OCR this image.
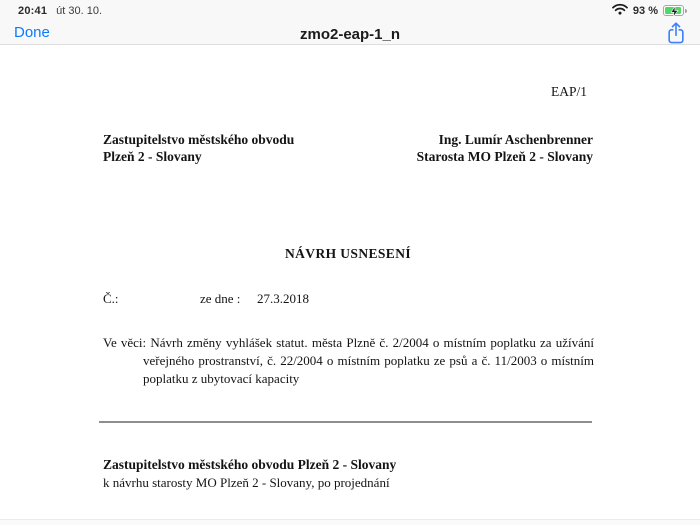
20:41 út 30. 10.	93 %
Done	zmo2-eap-1_n
EAP/1
Zastupitelstvo městského obvodu
Plzeň 2 - Slovany
Ing. Lumír Aschenbrenner
Starosta MO Plzeň 2 - Slovany
NÁVRH USNESENÍ
Č.:	ze dne : 27.3.2018

Ve věci: Návrh změny vyhlášek statut. města Plzně č. 2/2004 o místním poplatku za užívání veřejného prostranství, č. 22/2004 o místním poplatku ze psů a č. 11/2003 o místním poplatku z ubytovací kapacity

Zastupitelstvo městského obvodu Plzeň 2 - Slovany
k návrhu starosty MO Plzeň 2 - Slovany, po projednání
